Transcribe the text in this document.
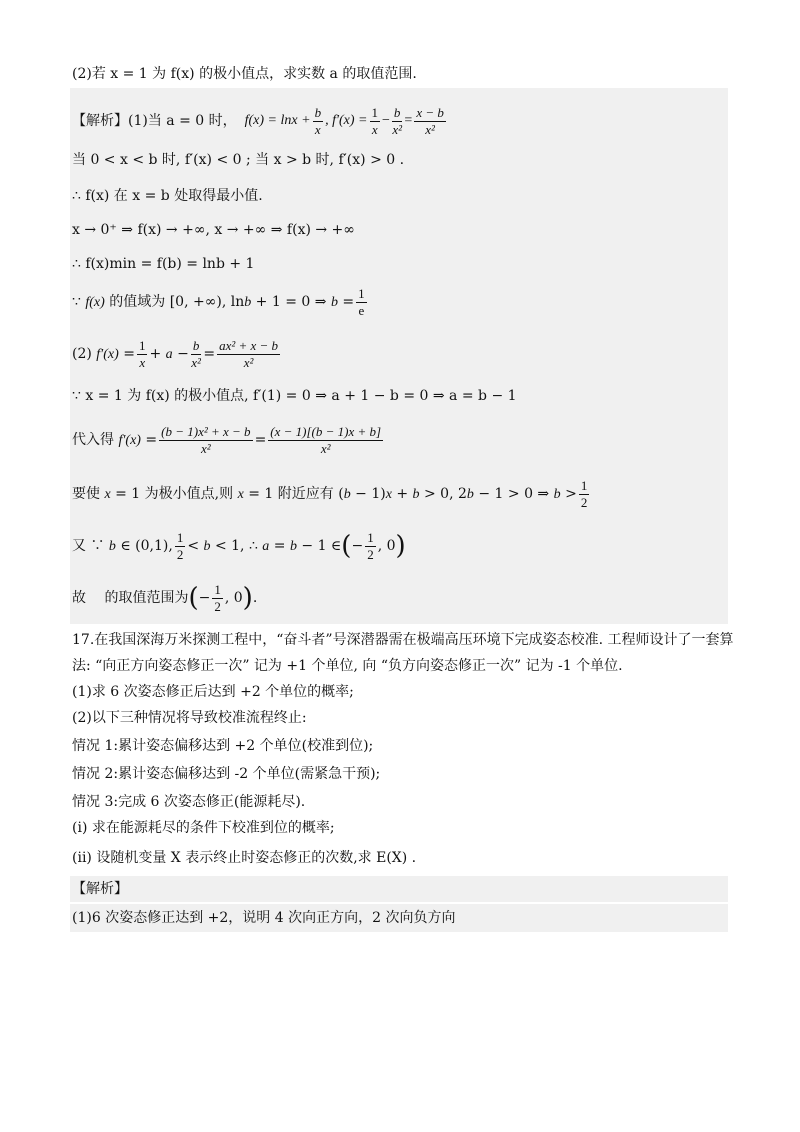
(2)若 x = 1 为 f(x) 的极小值点，求实数 a 的取值范围.
【解析】(1)当 a = 0 时， $f(x) = \ln x + \frac{b}{x}$ , $f'(x) = \frac{1}{x} - \frac{b}{\text{x²}} = \frac{x - b}{\text{x²}}$
当 0 < x < b 时, f′(x) < 0 ; 当 x > b 时, f′(x) > 0 .
∴ f(x) 在 x = b 处取得最小值.
x → 0⁺ ⇒ f(x) → +∞, x → +∞ ⇒ f(x) → +∞
∴ f(x)min = f(b) = lnb + 1
∵ f(x) 的值域为 [0, +∞), lnb + 1 = 0 ⇒ $b = \frac{1}{e}$
(2) $f'(x) = \frac{1}{x} + a - \frac{b}{\text{x²}} = \frac{\text{ax² + x − b}}{\text{x²}}$
∵ x = 1 为 f(x) 的极小值点, f′(1) = 0 ⇒ a + 1 − b = 0 ⇒ a = b − 1
代入得 $f'(x) = \frac{\text{(b − 1)x² + x − b}}{\text{x²}} = \frac{(x - 1)[(b - 1)x + b]}{\text{x²}}$
要使 x = 1 为极小值点,则 x = 1 附近应有 (b − 1)x + b > 0, 2b − 1 > 0 ⇒ $b > \frac{1}{2}$
又 ∵ b ∈ (0,1), $\frac{1}{2} < b < 1$, ∴ a = b − 1 ∈ ( − $\frac{1}{2}$ , 0 )
故　 的取值范围为 ( − $\frac{1}{2}$ , 0 ) .
17.在我国深海万米探测工程中，“奋斗者”号深潜器需在极端高压环境下完成姿态校准. 工程师设计了一套算
法: “向正方向姿态修正一次” 记为 +1 个单位, 向 “负方向姿态修正一次” 记为 -1 个单位.
(1)求 6 次姿态修正后达到 +2 个单位的概率;
(2)以下三种情况将导致校准流程终止:
情况 1:累计姿态偏移达到 +2 个单位(校准到位);
情况 2:累计姿态偏移达到 -2 个单位(需紧急干预);
情况 3:完成 6 次姿态修正(能源耗尽).
(i) 求在能源耗尽的条件下校准到位的概率;
(ii) 设随机变量 X 表示终止时姿态修正的次数,求 E(X) .
【解析】
(1)6 次姿态修正达到 +2，说明 4 次向正方向，2 次向负方向
